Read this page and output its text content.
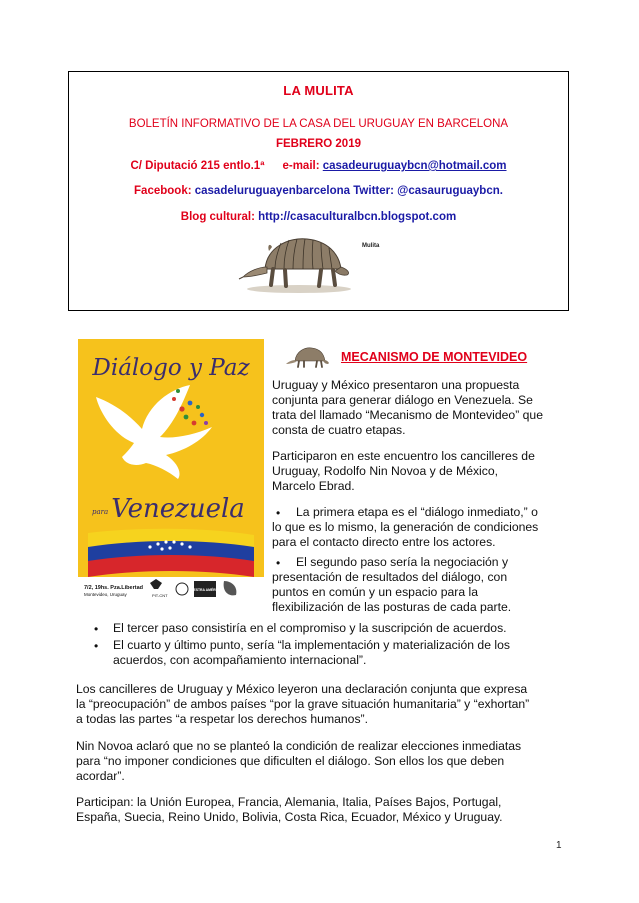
LA MULITA
BOLETÍN INFORMATIVO DE LA CASA DEL URUGUAY EN BARCELONA
FEBRERO 2019
C/ Diputació 215 entlo.1ª e-mail: casadeuruguaybcn@hotmail.com
Facebook: casadeluruguayenbarcelona Twitter: @casauruguaybcn.
Blog cultural: http://casaculturalbcn.blogspot.com
Mulita
Diálogo y Paz
para Venezuela
7/2, 19hs. Pza.Libertad
Montevideo, Uruguay	PIT-CNT
NUESTRA AMÉRICA
MECANISMO DE MONTEVIDEO
Uruguay y México presentaron una propuesta
conjunta para generar diálogo en Venezuela. Se
trata del llamado “Mecanismo de Montevideo” que
consta de cuatro etapas.
Participaron en este encuentro los cancilleres de
Uruguay, Rodolfo Nin Novoa y de México,
Marcelo Ebrad.
•	La primera etapa es el “diálogo inmediato,” o
lo que es lo mismo, la generación de condiciones
para el contacto directo entre los actores.
•	El segundo paso sería la negociación y
presentación de resultados del diálogo, con
puntos en común y un espacio para la
flexibilización de las posturas de cada parte.
• El tercer paso consistiría en el compromiso y la suscripción de acuerdos.
• El cuarto y último punto, sería “la implementación y materialización de los
acuerdos, con acompañamiento internacional”.
Los cancilleres de Uruguay y México leyeron una declaración conjunta que expresa
la “preocupación” de ambos países “por la grave situación humanitaria” y “exhortan”
a todas las partes “a respetar los derechos humanos”.
Nin Novoa aclaró que no se planteó la condición de realizar elecciones inmediatas
para “no imponer condiciones que dificulten el diálogo. Son ellos los que deben
acordar”.
Participan: la Unión Europea, Francia, Alemania, Italia, Países Bajos, Portugal,
España, Suecia, Reino Unido, Bolivia, Costa Rica, Ecuador, México y Uruguay.
1
